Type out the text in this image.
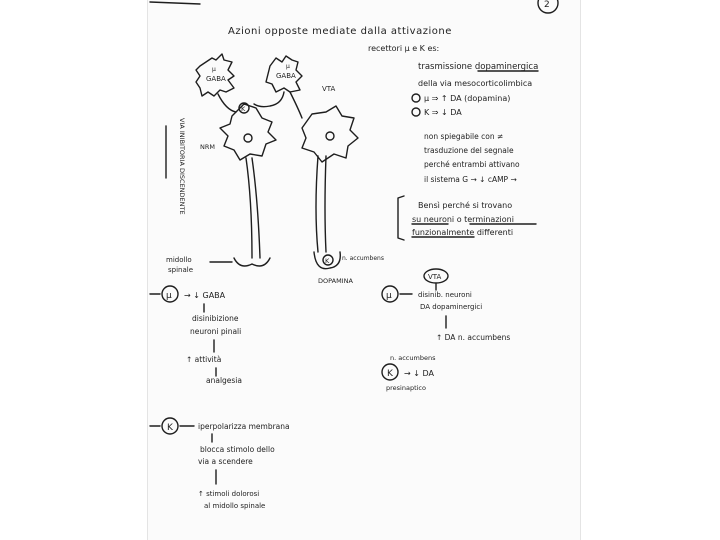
2
Azioni opposte mediate dalla attivazione
recettori μ e K es:
trasmissione dopaminergica
della via mesocorticolimbica
μ ⇒ ↑ DA (dopamina)
K ⇒ ↓ DA
non spiegabile con ≠
trasduzione del segnale
perché entrambi attivano
il sistema G → ↓ cAMP →
Bensì perché si trovano
su neuroni o terminazioni
funzionalmente differenti
GABA
μ
GABA
μ
K
NRM
VTA
K n. accumbens
DOPAMINA
midollo
spinale
VIA INIBITORIA DISCENDENTE
μ → ↓ GABA
disinibizione
neuroni pinali
↑ attività
analgesia
VTA
μ	disinib. neuroni
DA dopaminergici
↑ DA n. accumbens
n. accumbens
K → ↓ DA
presinaptico
K	iperpolarizza membrana
blocca stimolo dello
via a scendere
↑ stimoli dolorosi
al midollo spinale
